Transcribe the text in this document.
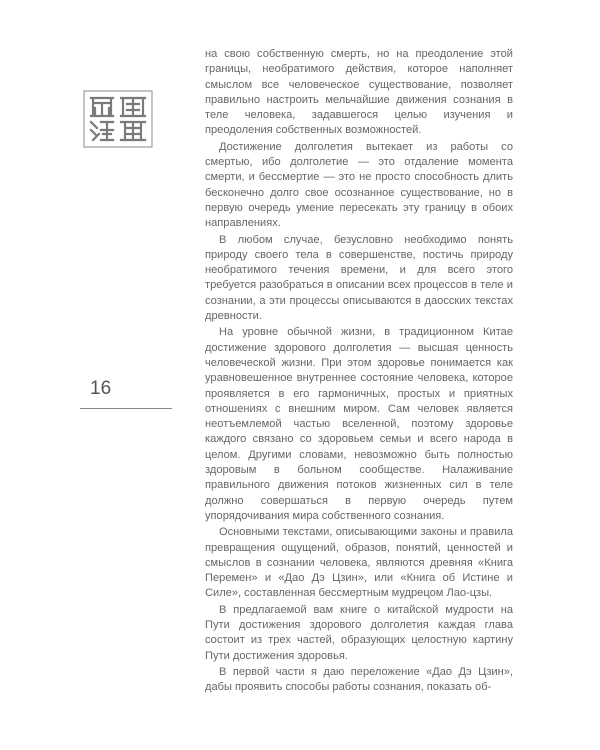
16

на свою собственную смерть, но на преодоление этой границы, необратимого действия, которое наполняет смыслом все человеческое существование, позволяет правильно настроить мельчайшие движения сознания в теле человека, задавшегося целью изучения и преодоления собственных возможностей.

Достижение долголетия вытекает из работы со смертью, ибо долголетие — это отдаление момента смерти, и бессмертие — это не просто способность длить бесконечно долго свое осознанное существование, но в первую очередь умение пересекать эту границу в обоих направлениях.

В любом случае, безусловно необходимо понять природу своего тела в совершенстве, постичь природу необратимого течения времени, и для всего этого требуется разобраться в описании всех процессов в теле и сознании, а эти процессы описываются в даосских текстах древности.

На уровне обычной жизни, в традиционном Китае достижение здорового долголетия — высшая ценность человеческой жизни. При этом здоровье понимается как уравновешенное внутреннее состояние человека, которое проявляется в его гармоничных, простых и приятных отношениях с внешним миром. Сам человек является неотъемлемой частью вселенной, поэтому здоровье каждого связано со здоровьем семьи и всего народа в целом. Другими словами, невозможно быть полностью здоровым в больном сообществе. Налаживание правильного движения потоков жизненных сил в теле должно совершаться в первую очередь путем упорядочивания мира собственного сознания.

Основными текстами, описывающими законы и правила превращения ощущений, образов, понятий, ценностей и смыслов в сознании человека, являются древняя «Книга Перемен» и «Дао Дэ Цзин», или «Книга об Истине и Силе», составленная бессмертным мудрецом Лао-цзы.

В предлагаемой вам книге о китайской мудрости на Пути достижения здорового долголетия каждая глава состоит из трех частей, образующих целостную картину Пути достижения здоровья.

В первой части я даю переложение «Дао Дэ Цзин», дабы проявить способы работы сознания, показать об-
